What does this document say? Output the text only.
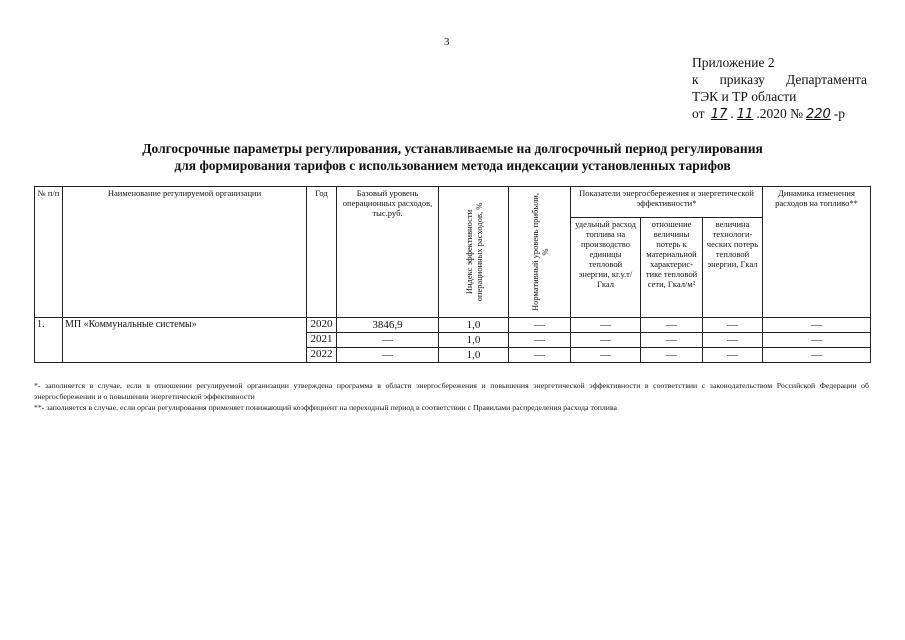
3
Приложение 2
к приказу Департамента
ТЭК и ТР области
от 17 . 11 .2020 № 220 -р
Долгосрочные параметры регулирования, устанавливаемые на долгосрочный период регулирования
для формирования тарифов с использованием метода индексации установленных тарифов
№ п/п	Наименование регулируемой организации	Год	Базовый уровень операционных расходов, тыс.руб.	Индекс эффективности операционных расходов, %	Нормативный уровень прибыли, %	Показатели энергосбережения и энергетической эффективности*			Динамика изменения расходов на топливо**
						удельный расход топлива на производство единицы тепловой энергии, кг.у.т/Гкал	отношение величины потерь к материальной характерис-тике тепловой сети, Гкал/м²	величина технологи-ческих потерь тепловой энергии, Гкал	
1.	МП «Коммунальные системы»	2020	3846,9	1,0	—	—	—	—	—
		2021	—	1,0	—	—	—	—	—
		2022	—	1,0	—	—	—	—	—

*- заполняется в случае, если в отношении регулируемой организации утверждена программа в области энергосбережения и повышения энергетической эффективности в соответствии с законодательством Российской Федерации об энергосбережении и о повышении энергетической эффективности

**- заполняется в случае, если орган регулирования применяет понижающий коэффициент на переходный период в соответствии с Правилами распределения расхода топлива
